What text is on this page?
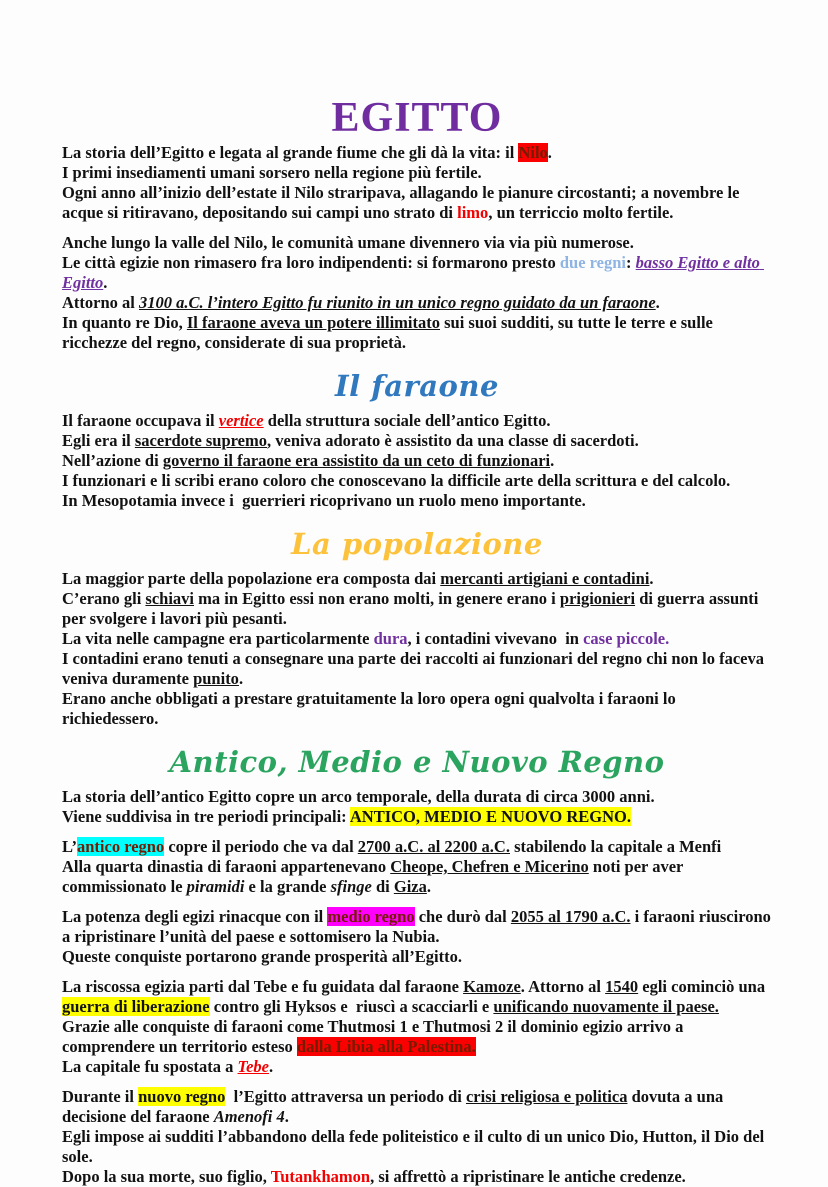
EGITTO
La storia dell’Egitto e legata al grande fiume che gli dà la vita: il Nilo.
I primi insediamenti umani sorsero nella regione più fertile.
Ogni anno all’inizio dell’estate il Nilo straripava, allagando le pianure circostanti; a novembre le acque si ritiravano, depositando sui campi uno strato di limo, un terriccio molto fertile.
Anche lungo la valle del Nilo, le comunità umane divennero via via più numerose.
Le città egizie non rimasero fra loro indipendenti: si formarono presto due regni: basso Egitto e alto Egitto.
Attorno al 3100 a.C. l’intero Egitto fu riunito in un unico regno guidato da un faraone.
In quanto re Dio, Il faraone aveva un potere illimitato sui suoi sudditi, su tutte le terre e sulle ricchezze del regno, considerate di sua proprietà.
Il faraone
Il faraone occupava il vertice della struttura sociale dell’antico Egitto.
Egli era il sacerdote supremo, veniva adorato è assistito da una classe di sacerdoti.
Nell’azione di governo il faraone era assistito da un ceto di funzionari.
I funzionari e li scribi erano coloro che conoscevano la difficile arte della scrittura e del calcolo.
In Mesopotamia invece i  guerrieri ricoprivano un ruolo meno importante.
La popolazione
La maggior parte della popolazione era composta dai mercanti artigiani e contadini.
C’erano gli schiavi ma in Egitto essi non erano molti, in genere erano i prigionieri di guerra assunti per svolgere i lavori più pesanti.
La vita nelle campagne era particolarmente dura, i contadini vivevano  in case piccole.
I contadini erano tenuti a consegnare una parte dei raccolti ai funzionari del regno chi non lo faceva veniva duramente punito.
Erano anche obbligati a prestare gratuitamente la loro opera ogni qualvolta i faraoni lo richiedessero.
Antico, Medio e Nuovo Regno
La storia dell’antico Egitto copre un arco temporale, della durata di circa 3000 anni.
Viene suddivisa in tre periodi principali: ANTICO, MEDIO E NUOVO REGNO.
L’antico regno copre il periodo che va dal 2700 a.C. al 2200 a.C. stabilendo la capitale a Menfi
Alla quarta dinastia di faraoni appartenevano Cheope, Chefren e Micerino noti per aver commissionato le piramidi e la grande sfinge di Giza.
La potenza degli egizi rinacque con il medio regno che durò dal 2055 al 1790 a.C. i faraoni riuscirono a ripristinare l’unità del paese e sottomisero la Nubia.
Queste conquiste portarono grande prosperità all’Egitto.
La riscossa egizia parti dal Tebe e fu guidata dal faraone Kamoze. Attorno al 1540 egli cominciò una guerra di liberazione contro gli Hyksos e  riuscì a scacciarli e unificando nuovamente il paese.
Grazie alle conquiste di faraoni come Thutmosi 1 e Thutmosi 2 il dominio egizio arrivo a comprendere un territorio esteso dalla Libia alla Palestina.
La capitale fu spostata a Tebe.
Durante il nuovo regno  l’Egitto attraversa un periodo di crisi religiosa e politica dovuta a una decisione del faraone Amenofi 4.
Egli impose ai sudditi l’abbandono della fede politeistico e il culto di un unico Dio, Hutton, il Dio del sole.
Dopo la sua morte, suo figlio, Tutankhamon, si affrettò a ripristinare le antiche credenze.
